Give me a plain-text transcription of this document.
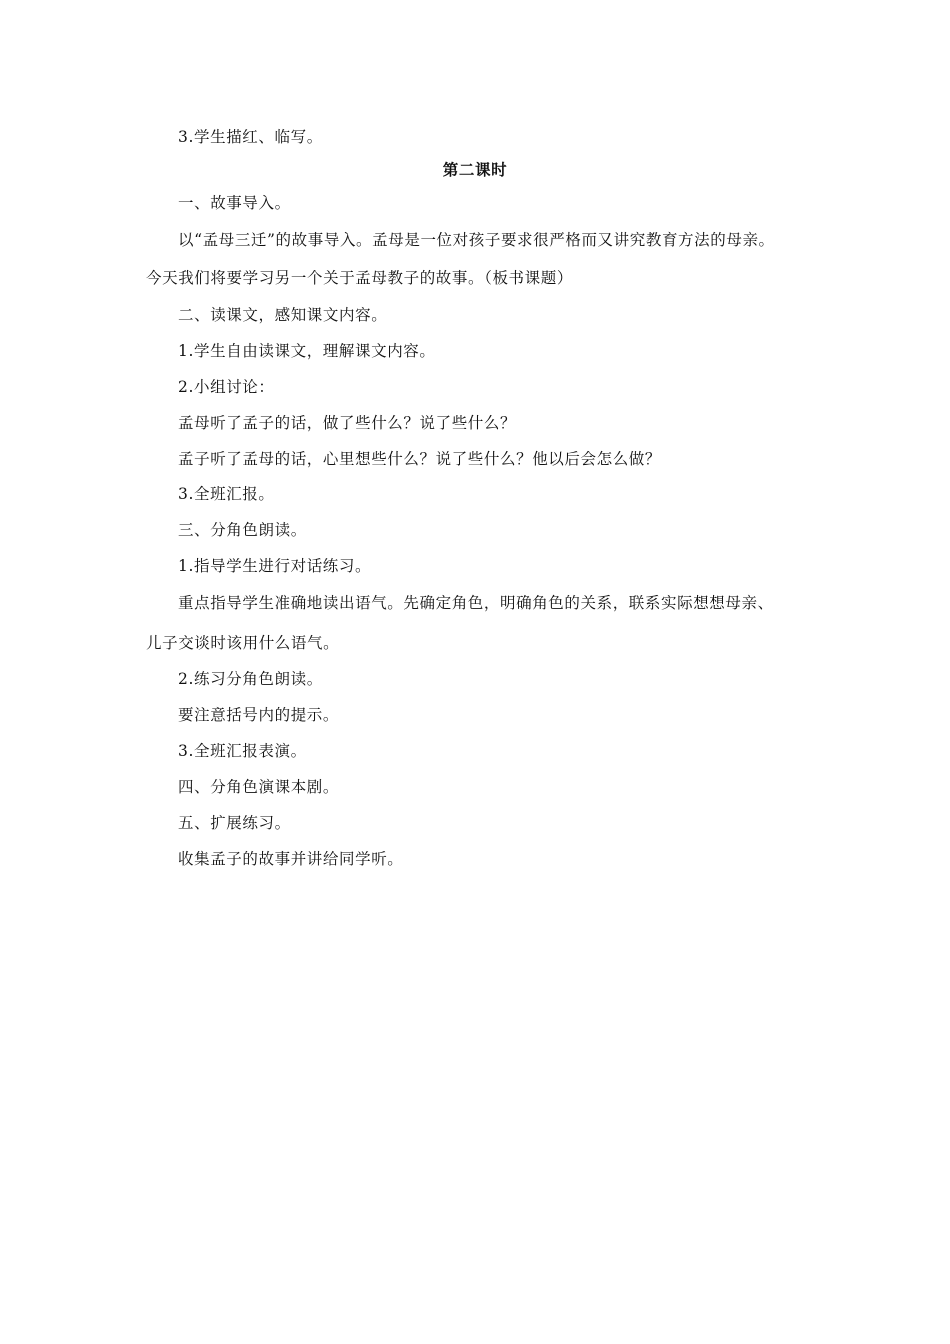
3.学生描红、临写。
第二课时
一、故事导入。
以“孟母三迁”的故事导入。孟母是一位对孩子要求很严格而又讲究教育方法的母亲。
今天我们将要学习另一个关于孟母教子的故事。（板书课题）
二、读课文，感知课文内容。
1.学生自由读课文，理解课文内容。
2.小组讨论：
孟母听了孟子的话，做了些什么？说了些什么？
孟子听了孟母的话，心里想些什么？说了些什么？他以后会怎么做？
3.全班汇报。
三、分角色朗读。
1.指导学生进行对话练习。
重点指导学生准确地读出语气。先确定角色，明确角色的关系，联系实际想想母亲、
儿子交谈时该用什么语气。
2.练习分角色朗读。
要注意括号内的提示。
3.全班汇报表演。
四、分角色演课本剧。
五、扩展练习。
收集孟子的故事并讲给同学听。
